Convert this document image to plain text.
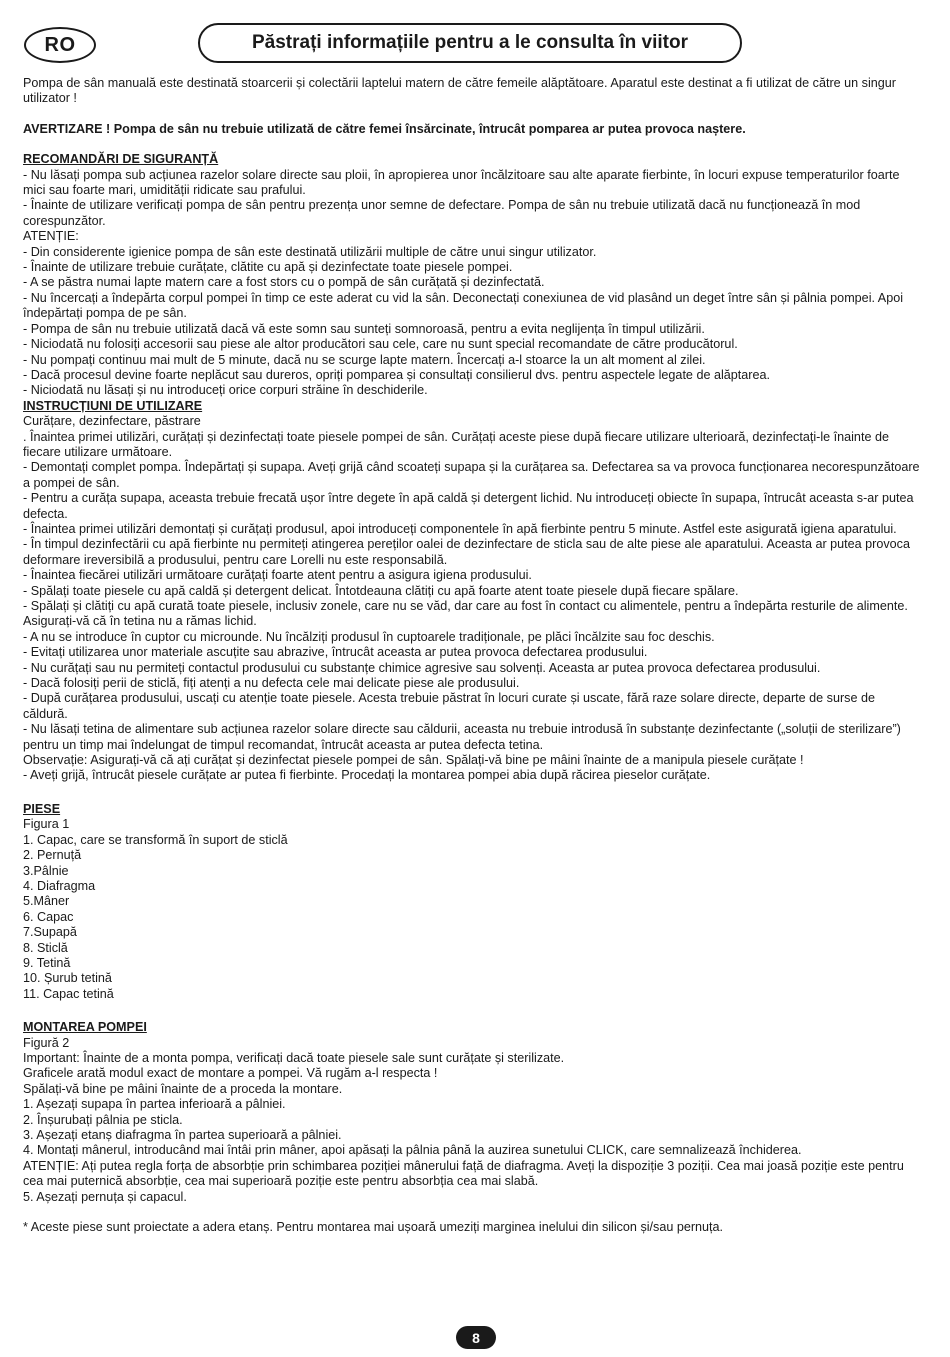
RO	Păstrați informațiile pentru a le consulta în viitor

Pompa de sân manuală este destinată stoarcerii și colectării laptelui matern de către femeile alăptătoare. Aparatul este destinat a fi utilizat de către un singur utilizator !

AVERTIZARE ! Pompa de sân nu trebuie utilizată de către femei însărcinate, întrucât pomparea ar putea provoca naștere.

RECOMANDĂRI DE SIGURANȚĂ

- Nu lăsați pompa sub acțiunea razelor solare directe sau ploii, în apropierea unor încălzitoare sau alte aparate fierbinte, în locuri expuse temperaturilor foarte mici sau foarte mari, umidității ridicate sau prafului.

- Înainte de utilizare verificați pompa de sân pentru prezența unor semne de defectare. Pompa de sân nu trebuie utilizată dacă nu funcționează în mod corespunzător.

ATENȚIE:

- Din considerente igienice pompa de sân este destinată utilizării multiple de către unui singur utilizator.

- Înainte de utilizare trebuie curățate, clătite cu apă și dezinfectate toate piesele pompei.

- A se păstra numai lapte matern care a fost stors cu o pompă de sân curățată și dezinfectată.

- Nu încercați a îndepărta corpul pompei în timp ce este aderat cu vid la sân. Deconectați conexiunea de vid plasând un deget între sân și pâlnia pompei. Apoi îndepărtați pompa de pe sân.

- Pompa de sân nu trebuie utilizată dacă vă este somn sau sunteți somnoroasă, pentru a evita neglijența în timpul utilizării.

- Niciodată nu folosiți accesorii sau piese ale altor producători sau cele, care nu sunt special recomandate de către producătorul.

- Nu pompați continuu mai mult de 5 minute, dacă nu se scurge lapte matern. Încercați a-l stoarce la un alt moment al zilei.

- Dacă procesul devine foarte neplăcut sau dureros, opriți pomparea și consultați consilierul dvs. pentru aspectele legate de alăptarea.

- Niciodată nu lăsați și nu introduceți orice corpuri străine în deschiderile.

INSTRUCȚIUNI DE UTILIZARE

Curățare, dezinfectare, păstrare

. Înaintea primei utilizări, curățați și dezinfectați toate piesele pompei de sân. Curățați aceste piese după fiecare utilizare ulterioară, dezinfectați-le înainte de fiecare utilizare următoare.

- Demontați complet pompa. Îndepărtați și supapa. Aveți grijă când scoateți supapa și la curățarea sa. Defectarea sa va provoca funcționarea necorespunzătoare a pompei de sân.

- Pentru a curăța supapa, aceasta trebuie frecată ușor între degete în apă caldă și detergent lichid. Nu introduceți obiecte în supapa, întrucât aceasta s-ar putea defecta.

- Înaintea primei utilizări demontați și curățați produsul, apoi introduceți componentele în apă fierbinte pentru 5 minute. Astfel este asigurată igiena aparatului.

- În timpul dezinfectării cu apă fierbinte nu permiteți atingerea pereților oalei de dezinfectare de sticla sau de alte piese ale aparatului. Aceasta ar putea provoca deformare ireversibilă a produsului, pentru care Lorelli nu este responsabilă.

- Înaintea fiecărei utilizări următoare curățați foarte atent pentru a asigura igiena produsului.

- Spălați toate piesele cu apă caldă și detergent delicat. Întotdeauna clătiți cu apă foarte atent toate piesele după fiecare spălare.

- Spălați și clătiți cu apă curată toate piesele, inclusiv zonele, care nu se văd, dar care au fost în contact cu alimentele, pentru a îndepărta resturile de alimente. Asigurați-vă că în tetina nu a rămas lichid.

- A nu se introduce în cuptor cu microunde. Nu încălziți produsul în cuptoarele tradiționale, pe plăci încălzite sau foc deschis.

- Evitați utilizarea unor materiale ascuțite sau abrazive, întrucât aceasta ar putea provoca defectarea produsului.

- Nu curățați sau nu permiteți contactul produsului cu substanțe chimice agresive sau solvenți. Aceasta ar putea provoca defectarea produsului.

- Dacă folosiți perii de sticlă, fiți atenți a nu defecta cele mai delicate piese ale produsului.

- După curățarea produsului, uscați cu atenție toate piesele. Acesta trebuie păstrat în locuri curate și uscate, fără raze solare directe, departe de surse de căldură.

- Nu lăsați tetina de alimentare sub acțiunea razelor solare directe sau căldurii, aceasta nu trebuie introdusă în substanțe dezinfectante („soluții de sterilizare”) pentru un timp mai îndelungat de timpul recomandat, întrucât aceasta ar putea defecta tetina.

Observație: Asigurați-vă că ați curățat și dezinfectat piesele pompei de sân. Spălați-vă bine pe mâini înainte de a manipula piesele curățate !

- Aveți grijă, întrucât piesele curățate ar putea fi fierbinte. Procedați la montarea pompei abia după răcirea pieselor curățate.

PIESE

Figura 1

1. Capac, care se transformă în suport de sticlă

2. Pernuță

3.Pâlnie

4. Diafragma

5.Mâner

6. Capac

7.Supapă

8. Sticlă

9. Tetină

10. Șurub tetină

11. Capac tetină

MONTAREA POMPEI

Figură 2

Important: Înainte de a monta pompa, verificați dacă toate piesele sale sunt curățate și sterilizate.

Graficele arată modul exact de montare a pompei. Vă rugăm a-l respecta !

Spălați-vă bine pe mâini înainte de a proceda la montare.

1. Așezați supapa în partea inferioară a pâlniei.

2. Înșurubați pâlnia pe sticla.

3. Așezați etanș diafragma în partea superioară a pâlniei.

4. Montați mânerul, introducând mai întâi prin mâner, apoi apăsați la pâlnia până la auzirea sunetului CLICK, care semnalizează închiderea.

ATENȚIE: Ați putea regla forța de absorbție prin schimbarea poziției mânerului față de diafragma. Aveți la dispoziție 3 poziții. Cea mai joasă poziție este pentru cea mai puternică absorbție, cea mai superioară poziție este pentru absorbția cea mai slabă.

5. Așezați pernuța și capacul.

* Aceste piese sunt proiectate a adera etanș. Pentru montarea mai ușoară umeziți marginea inelului din silicon și/sau pernuța.

8
